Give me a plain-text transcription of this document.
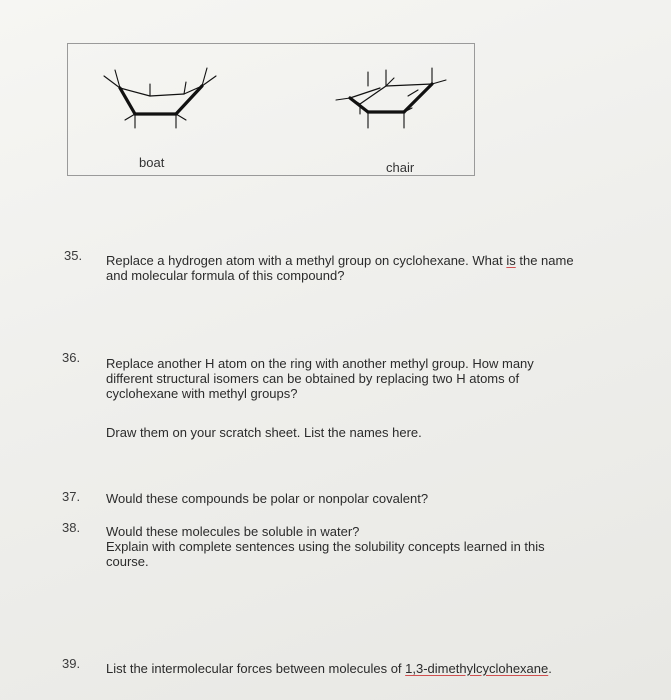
boat	chair
35. Replace a hydrogen atom with a methyl group on cyclohexane. What is the name
and molecular formula of this compound?
36. Replace another H atom on the ring with another methyl group. How many
different structural isomers can be obtained by replacing two H atoms of
cyclohexane with methyl groups?
Draw them on your scratch sheet. List the names here.
37. Would these compounds be polar or nonpolar covalent?
38. Would these molecules be soluble in water?
Explain with complete sentences using the solubility concepts learned in this
course.
39. List the intermolecular forces between molecules of 1,3-dimethylcyclohexane.
